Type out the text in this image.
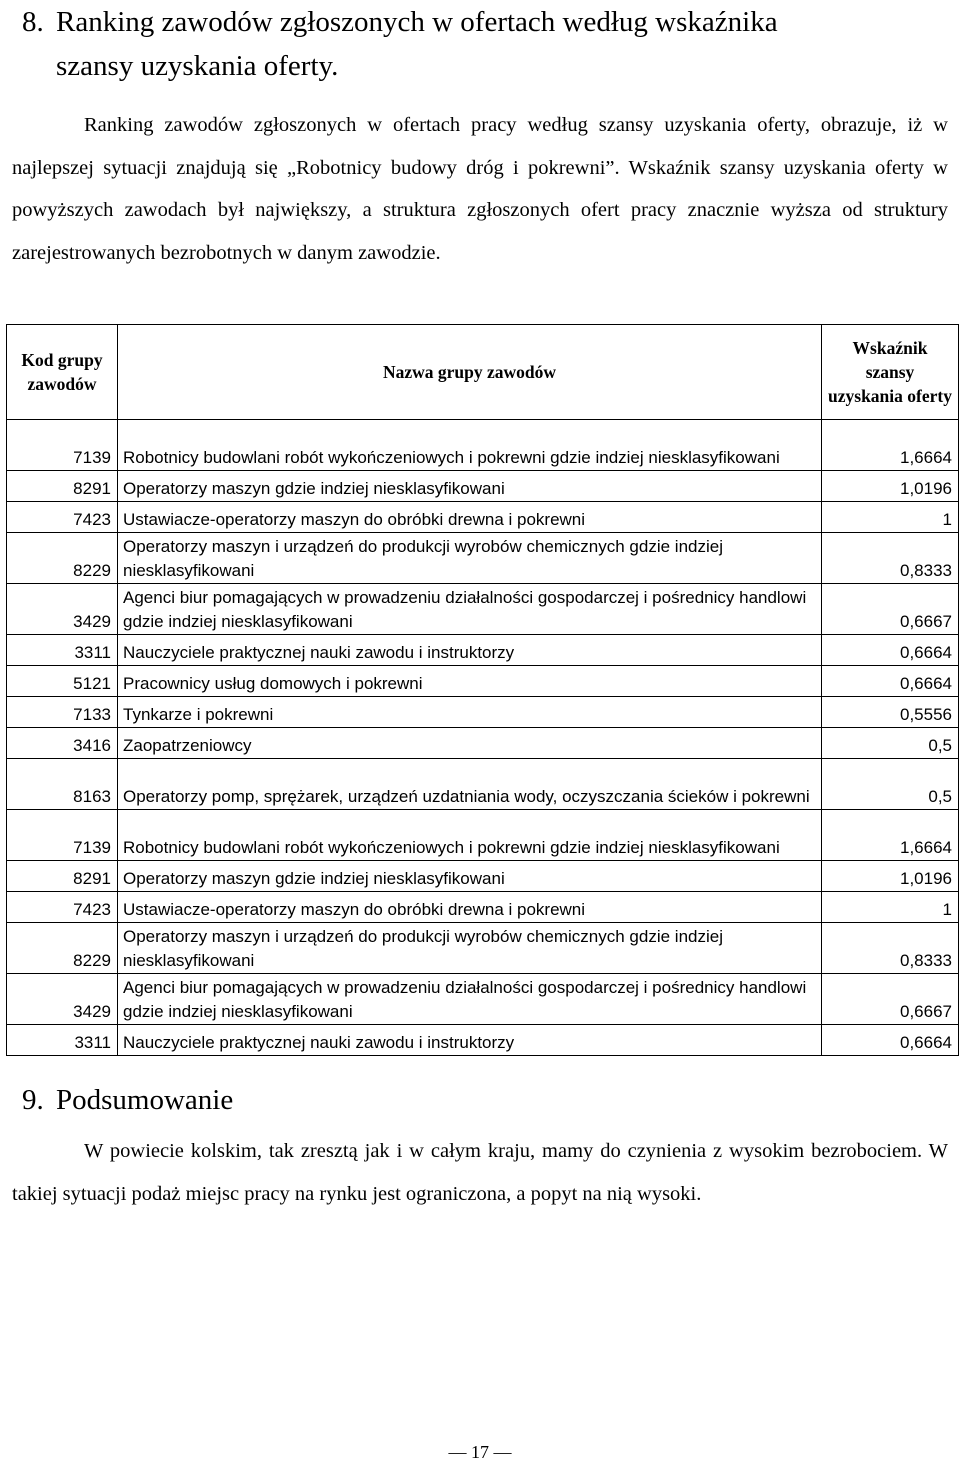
8. Ranking zawodów zgłoszonych w ofertach według wskaźnika
szansy uzyskania oferty.

Ranking zawodów zgłoszonych w ofertach pracy według szansy uzyskania oferty, obrazuje, iż w najlepszej sytuacji znajdują się „Robotnicy budowy dróg i pokrewni”. Wskaźnik szansy uzyskania oferty w powyższych zawodach był największy, a struktura zgłoszonych ofert pracy znacznie wyższa od struktury zarejestrowanych bezrobotnych w danym zawodzie.

Kod grupy zawodów	Nazwa grupy zawodów	Wskaźnik szansy uzyskania oferty
7139	Robotnicy budowlani robót wykończeniowych i pokrewni gdzie indziej niesklasyfikowani	1,6664
8291	Operatorzy maszyn gdzie indziej niesklasyfikowani	1,0196
7423	Ustawiacze-operatorzy maszyn do obróbki drewna i pokrewni	1
8229	Operatorzy maszyn i urządzeń do produkcji wyrobów chemicznych gdzie indziej niesklasyfikowani	0,8333
3429	Agenci biur pomagających w prowadzeniu działalności gospodarczej i pośrednicy handlowi gdzie indziej niesklasyfikowani	0,6667
3311	Nauczyciele praktycznej nauki zawodu i instruktorzy	0,6664
5121	Pracownicy usług domowych i pokrewni	0,6664
7133	Tynkarze i pokrewni	0,5556
3416	Zaopatrzeniowcy	0,5
8163	Operatorzy pomp, sprężarek, urządzeń uzdatniania wody, oczyszczania ścieków i pokrewni	0,5
7139	Robotnicy budowlani robót wykończeniowych i pokrewni gdzie indziej niesklasyfikowani	1,6664
8291	Operatorzy maszyn gdzie indziej niesklasyfikowani	1,0196
7423	Ustawiacze-operatorzy maszyn do obróbki drewna i pokrewni	1
8229	Operatorzy maszyn i urządzeń do produkcji wyrobów chemicznych gdzie indziej niesklasyfikowani	0,8333
3429	Agenci biur pomagających w prowadzeniu działalności gospodarczej i pośrednicy handlowi gdzie indziej niesklasyfikowani	0,6667
3311	Nauczyciele praktycznej nauki zawodu i instruktorzy	0,6664
9. Podsumowanie

W powiecie kolskim, tak zresztą jak i w całym kraju, mamy do czynienia z wysokim bezrobociem. W takiej sytuacji podaż miejsc pracy na rynku jest ograniczona, a popyt na nią wysoki.

— 17 —
